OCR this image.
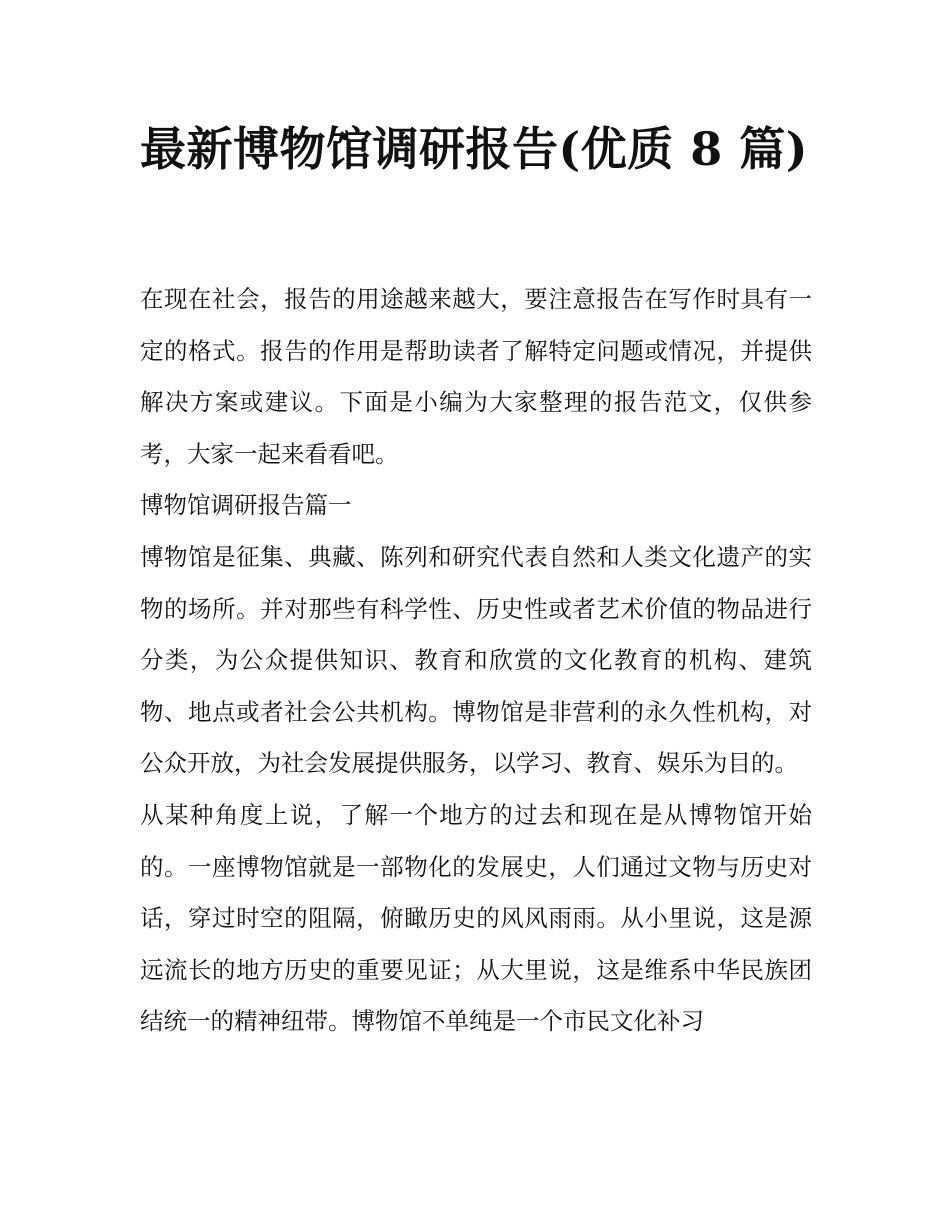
最新博物馆调研报告(优质 8 篇)

在现在社会，报告的用途越来越大，要注意报告在写作时具有一定的格式。报告的作用是帮助读者了解特定问题或情况，并提供解决方案或建议。下面是小编为大家整理的报告范文，仅供参考，大家一起来看看吧。

博物馆调研报告篇一

博物馆是征集、典藏、陈列和研究代表自然和人类文化遗产的实物的场所。并对那些有科学性、历史性或者艺术价值的物品进行分类，为公众提供知识、教育和欣赏的文化教育的机构、建筑物、地点或者社会公共机构。博物馆是非营利的永久性机构，对公众开放，为社会发展提供服务，以学习、教育、娱乐为目的。

从某种角度上说，了解一个地方的过去和现在是从博物馆开始的。一座博物馆就是一部物化的发展史，人们通过文物与历史对话，穿过时空的阻隔，俯瞰历史的风风雨雨。从小里说，这是源远流长的地方历史的重要见证；从大里说，这是维系中华民族团结统一的精神纽带。博物馆不单纯是一个市民文化补习
